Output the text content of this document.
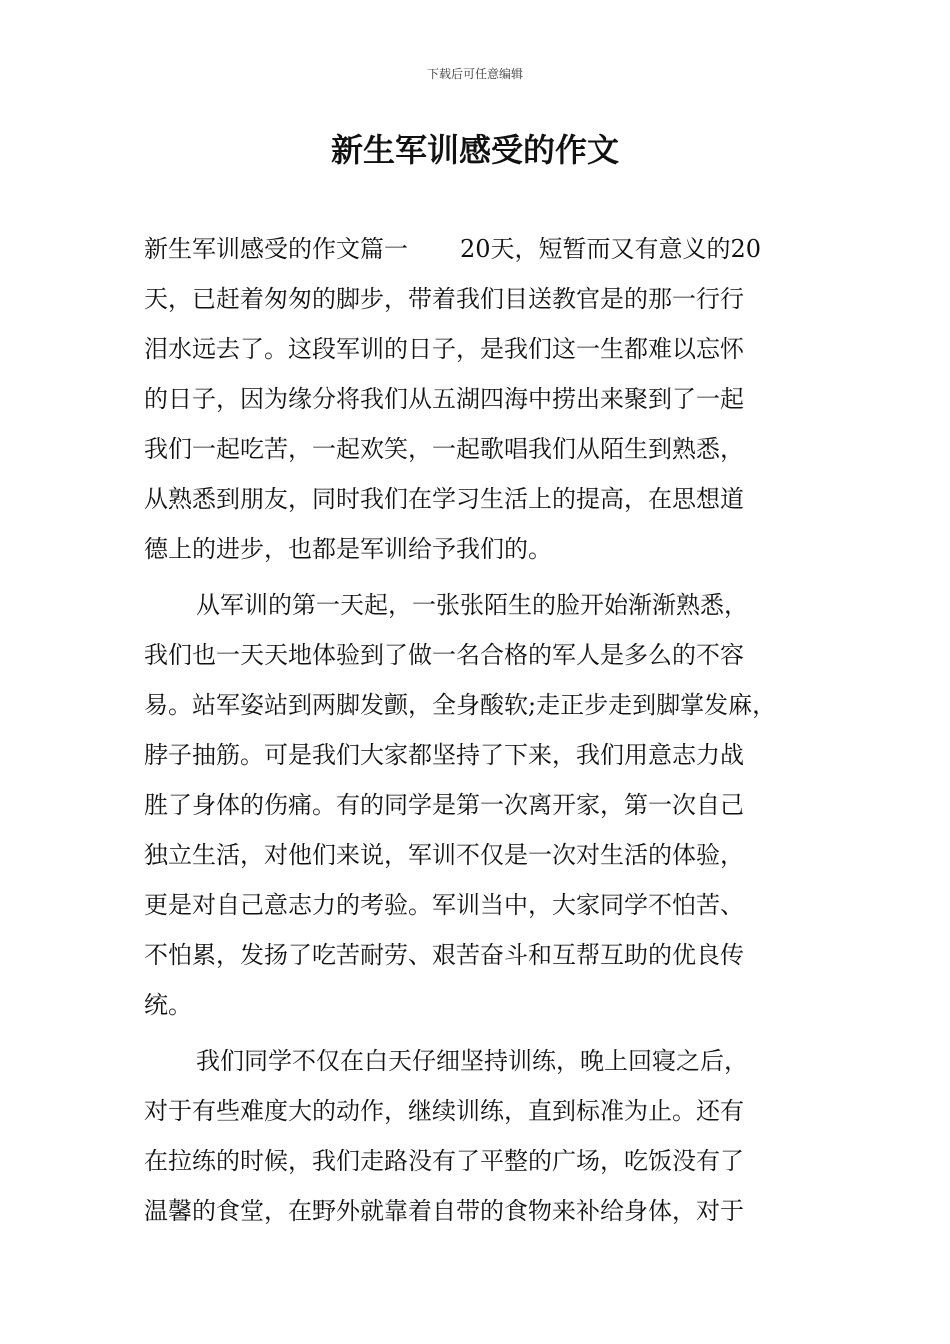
下载后可任意编辑
新生军训感受的作文
新生军训感受的作文篇一 20天，短暂而又有意义的20
天，已赶着匆匆的脚步，带着我们目送教官是的那一行行
泪水远去了。这段军训的日子，是我们这一生都难以忘怀
的日子，因为缘分将我们从五湖四海中捞出来聚到了一起
我们一起吃苦，一起欢笑，一起歌唱我们从陌生到熟悉，
从熟悉到朋友，同时我们在学习生活上的提高，在思想道
德上的进步，也都是军训给予我们的。
从军训的第一天起，一张张陌生的脸开始渐渐熟悉，
我们也一天天地体验到了做一名合格的军人是多么的不容
易。站军姿站到两脚发颤，全身酸软;走正步走到脚掌发麻，
脖子抽筋。可是我们大家都坚持了下来，我们用意志力战
胜了身体的伤痛。有的同学是第一次离开家，第一次自己
独立生活，对他们来说，军训不仅是一次对生活的体验，
更是对自己意志力的考验。军训当中，大家同学不怕苦、
不怕累，发扬了吃苦耐劳、艰苦奋斗和互帮互助的优良传
统。
我们同学不仅在白天仔细坚持训练，晚上回寝之后，
对于有些难度大的动作，继续训练，直到标准为止。还有
在拉练的时候，我们走路没有了平整的广场，吃饭没有了
温馨的食堂，在野外就靠着自带的食物来补给身体，对于
